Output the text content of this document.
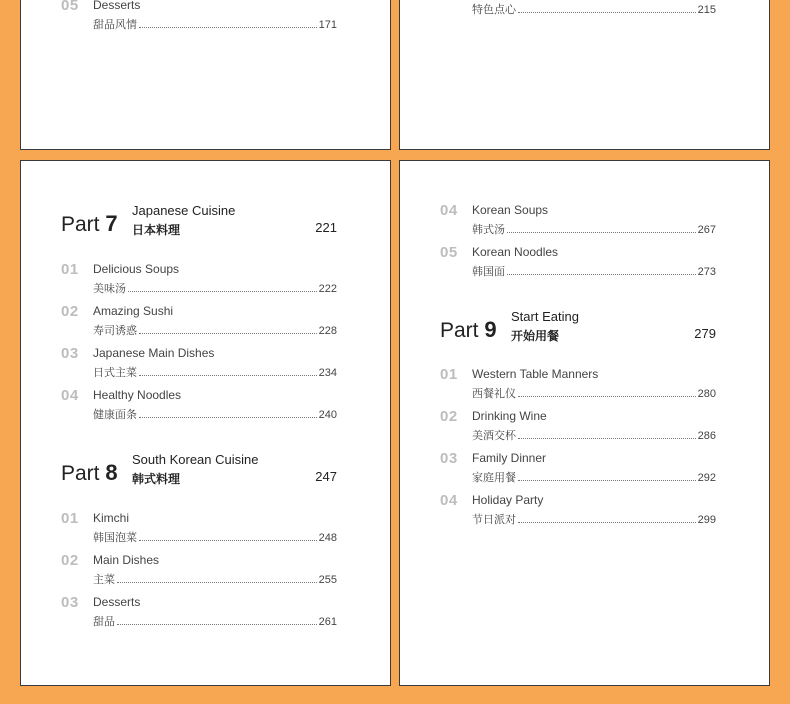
05 Desserts
甜品风情	171
特色点心	215
Part 7
Japanese Cuisine
日本料理	221
01 Delicious Soups
美味汤	222
02 Amazing Sushi
寿司诱惑	228
03 Japanese Main Dishes
日式主菜	234
04 Healthy Noodles
健康面条	240
Part 8
South Korean Cuisine
韩式料理	247
01 Kimchi
韩国泡菜	248
02 Main Dishes
主菜	255
03 Desserts
甜品	261
04 Korean Soups
韩式汤	267
05 Korean Noodles
韩国面	273
Part 9
Start Eating
开始用餐	279
01 Western Table Manners
西餐礼仪	280
02 Drinking Wine
美酒交杯	286
03 Family Dinner
家庭用餐	292
04 Holiday Party
节日派对	299
